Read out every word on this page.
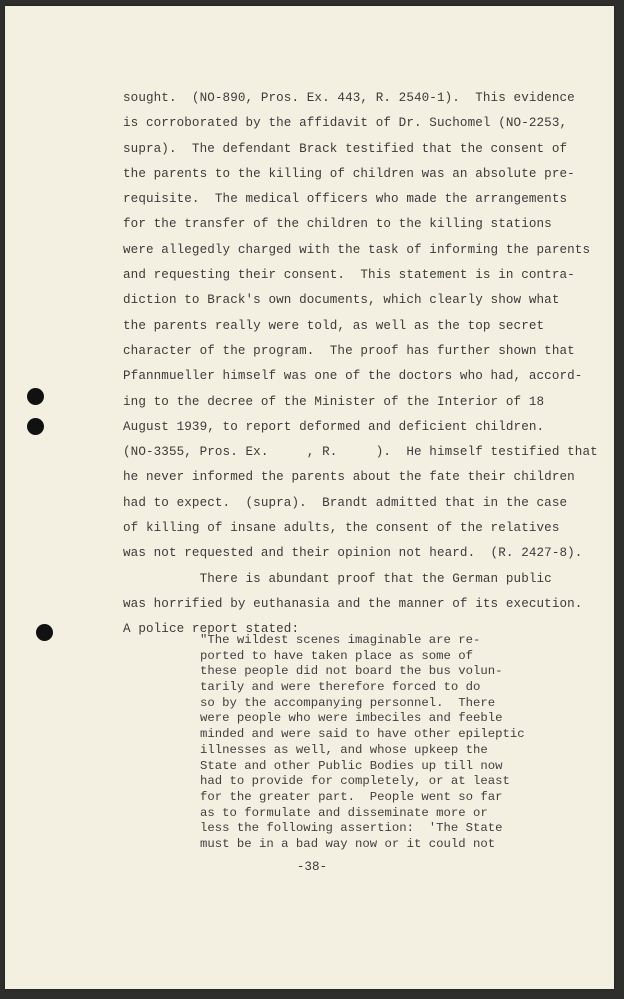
sought.  (NO-890, Pros. Ex. 443, R. 2540-1).  This evidence
is corroborated by the affidavit of Dr. Suchomel (NO-2253,
supra).  The defendant Brack testified that the consent of
the parents to the killing of children was an absolute pre-
requisite.  The medical officers who made the arrangements
for the transfer of the children to the killing stations
were allegedly charged with the task of informing the parents
and requesting their consent.  This statement is in contra-
diction to Brack's own documents, which clearly show what
the parents really were told, as well as the top secret
character of the program.  The proof has further shown that
Pfannmueller himself was one of the doctors who had, accord-
ing to the decree of the Minister of the Interior of 18
August 1939, to report deformed and deficient children.
(NO-3355, Pros. Ex.     , R.     ).  He himself testified that
he never informed the parents about the fate their children
had to expect.  (supra).  Brandt admitted that in the case
of killing of insane adults, the consent of the relatives
was not requested and their opinion not heard.  (R. 2427-8).
There is abundant proof that the German public
was horrified by euthanasia and the manner of its execution.
A police report stated:
"The wildest scenes imaginable are re-
ported to have taken place as some of
these people did not board the bus volun-
tarily and were therefore forced to do
so by the accompanying personnel.  There
were people who were imbeciles and feeble
minded and were said to have other epileptic
illnesses as well, and whose upkeep the
State and other Public Bodies up till now
had to provide for completely, or at least
for the greater part.  People went so far
as to formulate and disseminate more or
less the following assertion:  'The State
must be in a bad way now or it could not
-38-
